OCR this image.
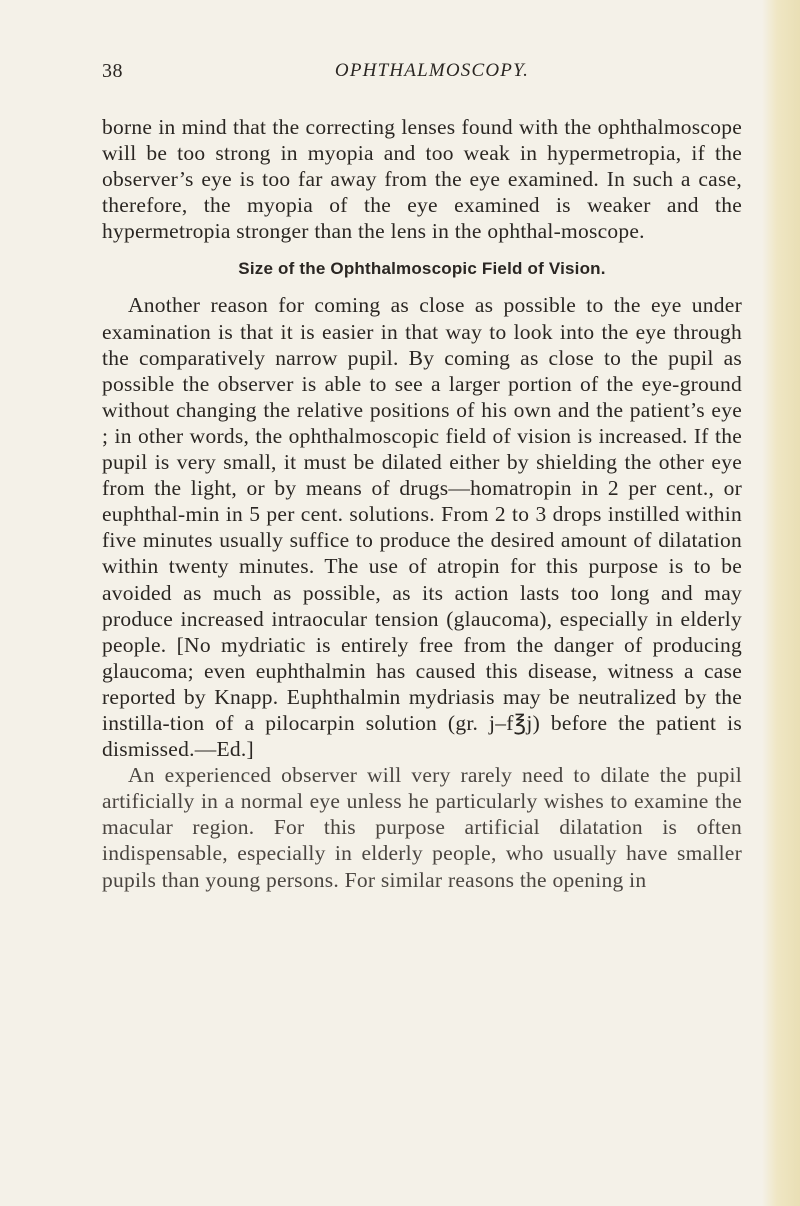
38	OPHTHALMOSCOPY.

borne in mind that the correcting lenses found with the ophthalmoscope will be too strong in myopia and too weak in hypermetropia, if the observer’s eye is too far away from the eye examined. In such a case, therefore, the myopia of the eye examined is weaker and the hypermetropia stronger than the lens in the ophthal-moscope.

Size of the Ophthalmoscopic Field of Vision.

Another reason for coming as close as possible to the eye under examination is that it is easier in that way to look into the eye through the comparatively narrow pupil. By coming as close to the pupil as possible the observer is able to see a larger portion of the eye-ground without changing the relative positions of his own and the patient’s eye ; in other words, the ophthalmoscopic field of vision is increased. If the pupil is very small, it must be dilated either by shielding the other eye from the light, or by means of drugs—homatropin in 2 per cent., or euphthal-min in 5 per cent. solutions. From 2 to 3 drops instilled within five minutes usually suffice to produce the desired amount of dilatation within twenty minutes. The use of atropin for this purpose is to be avoided as much as possible, as its action lasts too long and may produce increased intraocular tension (glaucoma), especially in elderly people. [No mydriatic is entirely free from the danger of producing glaucoma; even euphthalmin has caused this disease, witness a case reported by Knapp. Euphthalmin mydriasis may be neutralized by the instilla-tion of a pilocarpin solution (gr. j–f℥j) before the patient is dismissed.—Ed.]

An experienced observer will very rarely need to dilate the pupil artificially in a normal eye unless he particularly wishes to examine the macular region. For this purpose artificial dilatation is often indispensable, especially in elderly people, who usually have smaller pupils than young persons. For similar reasons the opening in
